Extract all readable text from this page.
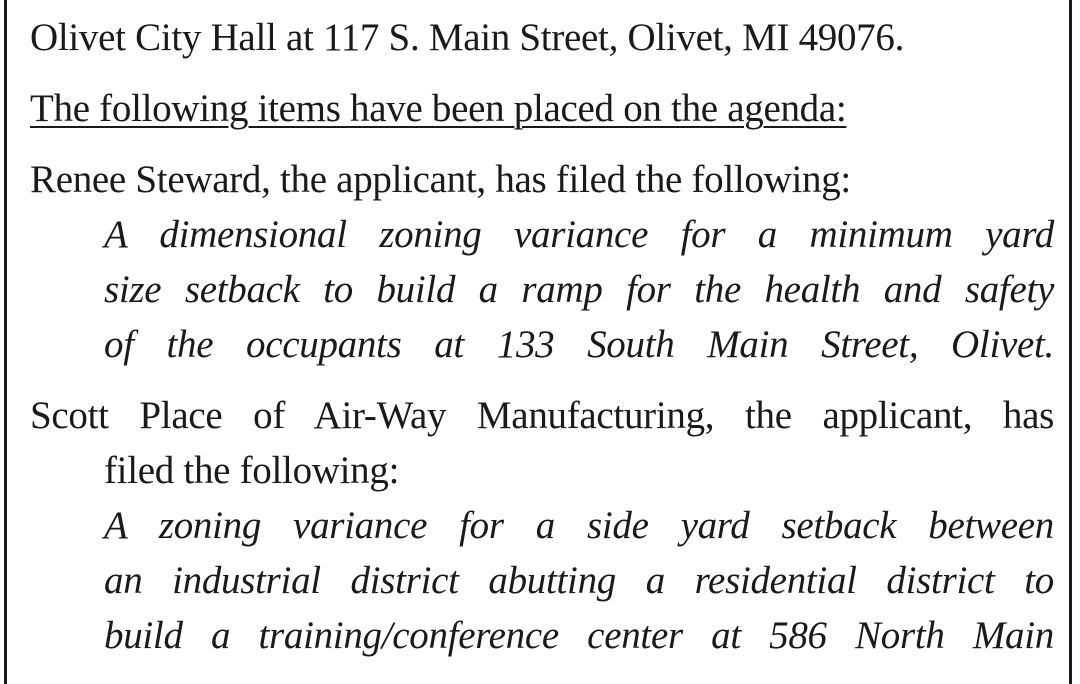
Olivet City Hall at 117 S. Main Street, Olivet, MI 49076.

The following items have been placed on the agenda:

Renee Steward, the applicant, has filed the following:

A dimensional zoning variance for a minimum yard
size setback to build a ramp for the health and safety
of the occupants at 133 South Main Street, Olivet.

Scott Place of Air-Way Manufacturing, the applicant, has

filed the following:
A zoning variance for a side yard setback between
an industrial district abutting a residential district to
build a training/conference center at 586 North Main
